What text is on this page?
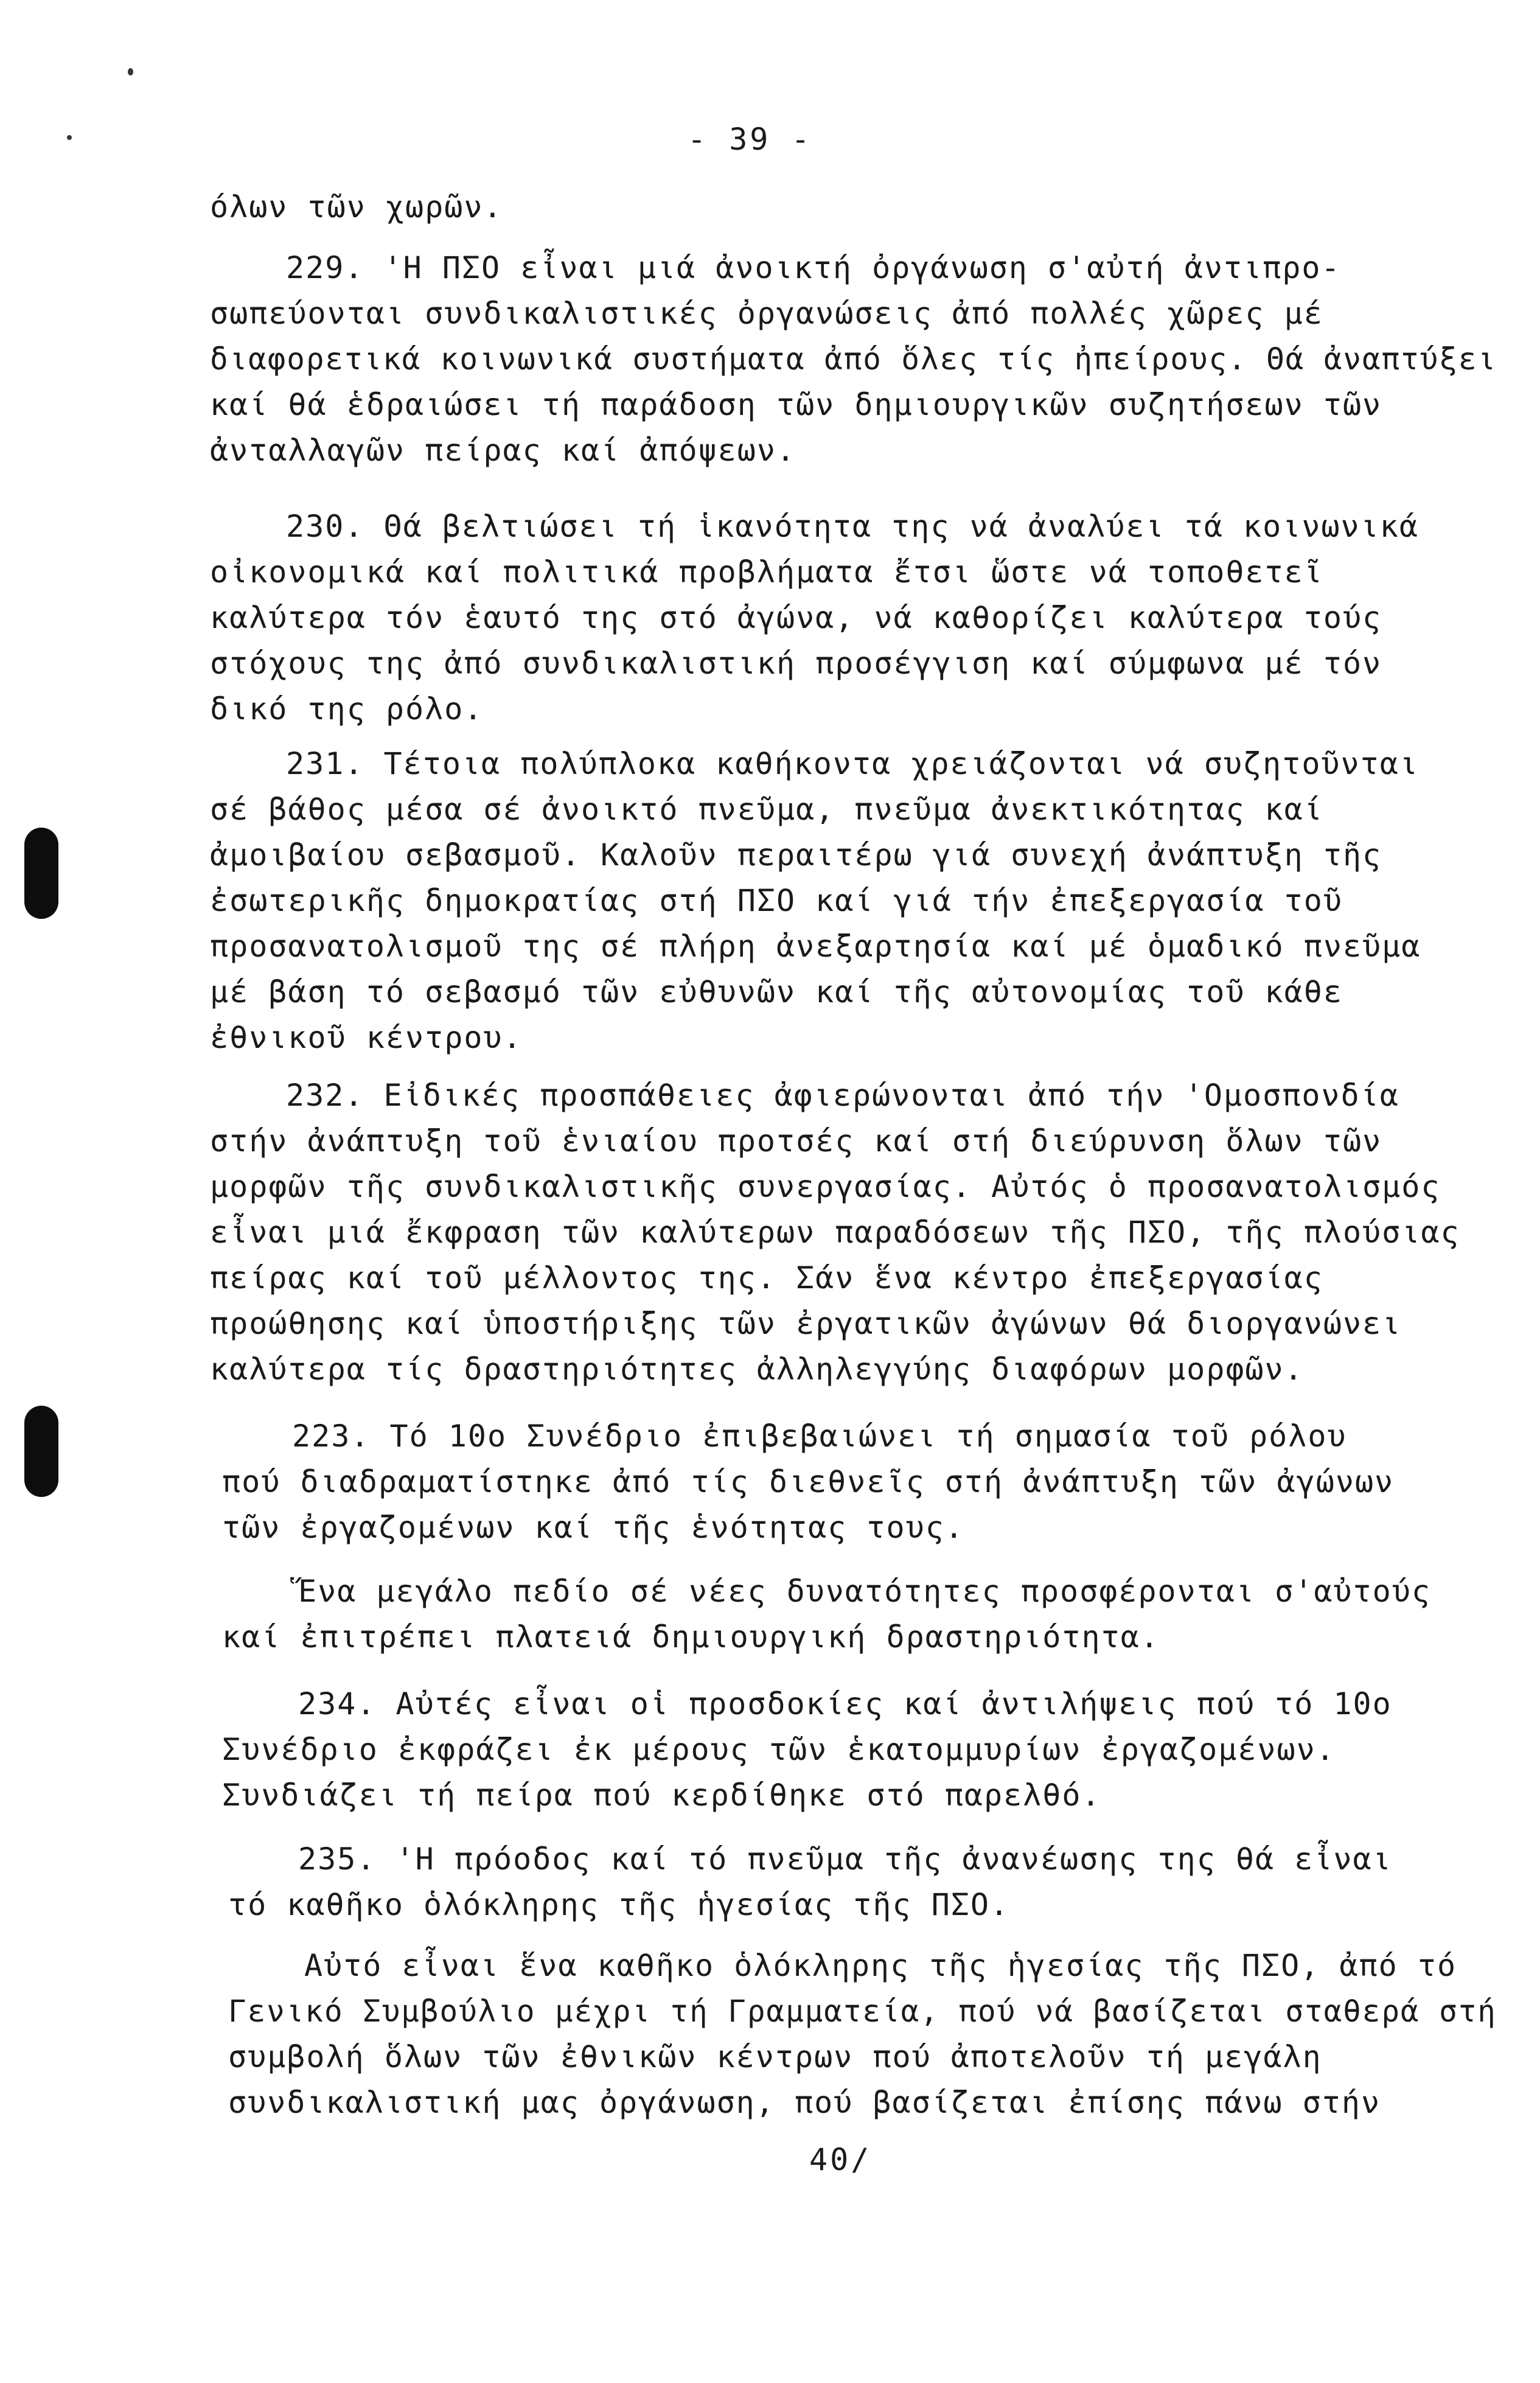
- 39 -
όλων τῶν χωρῶν.
229. 'Η ΠΣΟ εἶναι μιά ἀνοικτή ὀργάνωση σ'αὐτή ἀντιπρο-
σωπεύονται συνδικαλιστικές ὀργανώσεις ἀπό πολλές χῶρες μέ
διαφορετικά κοινωνικά συστήματα ἀπό ὅλες τίς ἠπείρους. Θά ἀναπτύξει
καί θά ἑδραιώσει τή παράδοση τῶν δημιουργικῶν συζητήσεων τῶν
ἀνταλλαγῶν πείρας καί ἀπόψεων.
230. Θά βελτιώσει τή ἱκανότητα της νά ἀναλύει τά κοινωνικά
οἰκονομικά καί πολιτικά προβλήματα ἔτσι ὥστε νά τοποθετεῖ
καλύτερα τόν ἑαυτό της στό ἀγώνα, νά καθορίζει καλύτερα τούς
στόχους της ἀπό συνδικαλιστική προσέγγιση καί σύμφωνα μέ τόν
δικό της ρόλο.
231. Τέτοια πολύπλοκα καθήκοντα χρειάζονται νά συζητοῦνται
σέ βάθος μέσα σέ ἀνοικτό πνεῦμα, πνεῦμα ἀνεκτικότητας καί
ἀμοιβαίου σεβασμοῦ. Καλοῦν περαιτέρω γιά συνεχή ἀνάπτυξη τῆς
ἐσωτερικῆς δημοκρατίας στή ΠΣΟ καί γιά τήν ἐπεξεργασία τοῦ
προσανατολισμοῦ της σέ πλήρη ἀνεξαρτησία καί μέ ὁμαδικό πνεῦμα
μέ βάση τό σεβασμό τῶν εὐθυνῶν καί τῆς αὐτονομίας τοῦ κάθε
ἐθνικοῦ κέντρου.
232. Εἰδικές προσπάθειες ἀφιερώνονται ἀπό τήν 'Ομοσπονδία
στήν ἀνάπτυξη τοῦ ἑνιαίου προτσές καί στή διεύρυνση ὅλων τῶν
μορφῶν τῆς συνδικαλιστικῆς συνεργασίας. Αὐτός ὁ προσανατολισμός
εἶναι μιά ἔκφραση τῶν καλύτερων παραδόσεων τῆς ΠΣΟ, τῆς πλούσιας
πείρας καί τοῦ μέλλοντος της. Σάν ἕνα κέντρο ἐπεξεργασίας
προώθησης καί ὑποστήριξης τῶν ἐργατικῶν ἀγώνων θά διοργανώνει
καλύτερα τίς δραστηριότητες ἀλληλεγγύης διαφόρων μορφῶν.
223. Τό 10ο Συνέδριο ἐπιβεβαιώνει τή σημασία τοῦ ρόλου
πού διαδραματίστηκε ἀπό τίς διεθνεῖς στή ἀνάπτυξη τῶν ἀγώνων
τῶν ἐργαζομένων καί τῆς ἑνότητας τους.
Ἕνα μεγάλο πεδίο σέ νέες δυνατότητες προσφέρονται σ'αὐτούς
καί ἐπιτρέπει πλατειά δημιουργική δραστηριότητα.
234. Αὐτές εἶναι οἱ προσδοκίες καί ἀντιλήψεις πού τό 10ο
Συνέδριο ἐκφράζει ἐκ μέρους τῶν ἑκατομμυρίων ἐργαζομένων.
Συνδιάζει τή πείρα πού κερδίθηκε στό παρελθό.
235. 'Η πρόοδος καί τό πνεῦμα τῆς ἀνανέωσης της θά εἶναι
τό καθῆκο ὁλόκληρης τῆς ἡγεσίας τῆς ΠΣΟ.
Αὐτό εἶναι ἕνα καθῆκο ὁλόκληρης τῆς ἡγεσίας τῆς ΠΣΟ, ἀπό τό
Γενικό Συμβούλιο μέχρι τή Γραμματεία, πού νά βασίζεται σταθερά στή
συμβολή ὅλων τῶν ἐθνικῶν κέντρων πού ἀποτελοῦν τή μεγάλη
συνδικαλιστική μας ὀργάνωση, πού βασίζεται ἐπίσης πάνω στήν
40/
